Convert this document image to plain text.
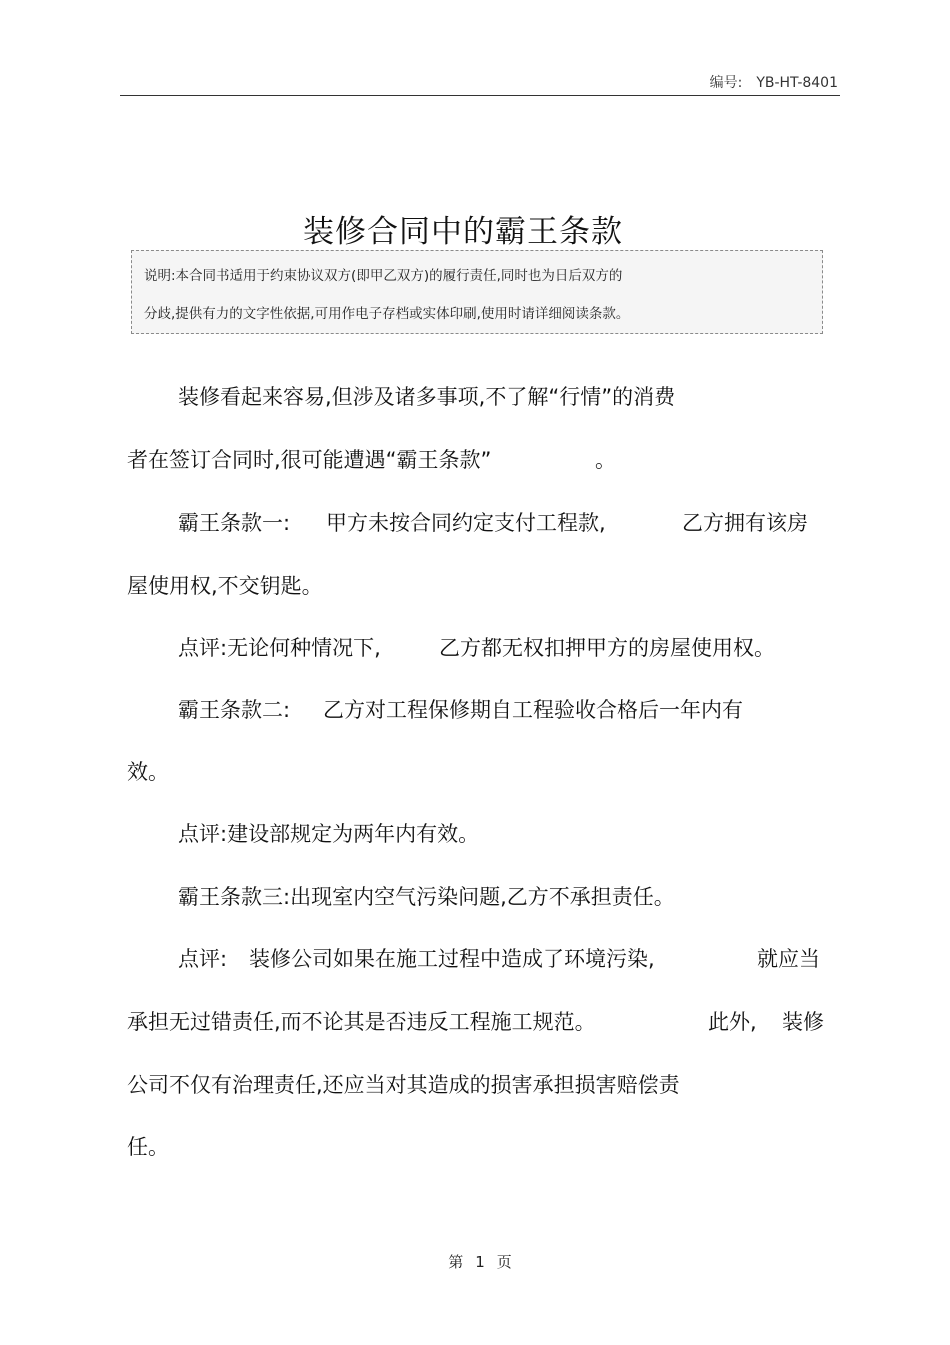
编号: YB-HT-8401
装修合同中的霸王条款
说明:本合同书适用于约束协议双方(即甲乙双方)的履行责任,同时也为日后双方的
分歧,提供有力的文字性依据,可用作电子存档或实体印刷,使用时请详细阅读条款。
装修看起来容易,但涉及诸多事项,不了解“行情”的消费
者在签订合同时,很可能遭遇“霸王条款”	。
霸王条款一: 甲方未按合同约定支付工程款,	乙方拥有该房
屋使用权,不交钥匙。
点评:无论何种情况下,	乙方都无权扣押甲方的房屋使用权。
霸王条款二: 乙方对工程保修期自工程验收合格后一年内有
效。
点评:建设部规定为两年内有效。
霸王条款三:出现室内空气污染问题,乙方不承担责任。
点评: 装修公司如果在施工过程中造成了环境污染,	就应当
承担无过错责任,而不论其是否违反工程施工规范。	此外, 装修
公司不仅有治理责任,还应当对其造成的损害承担损害赔偿责
任。
第 1 页
